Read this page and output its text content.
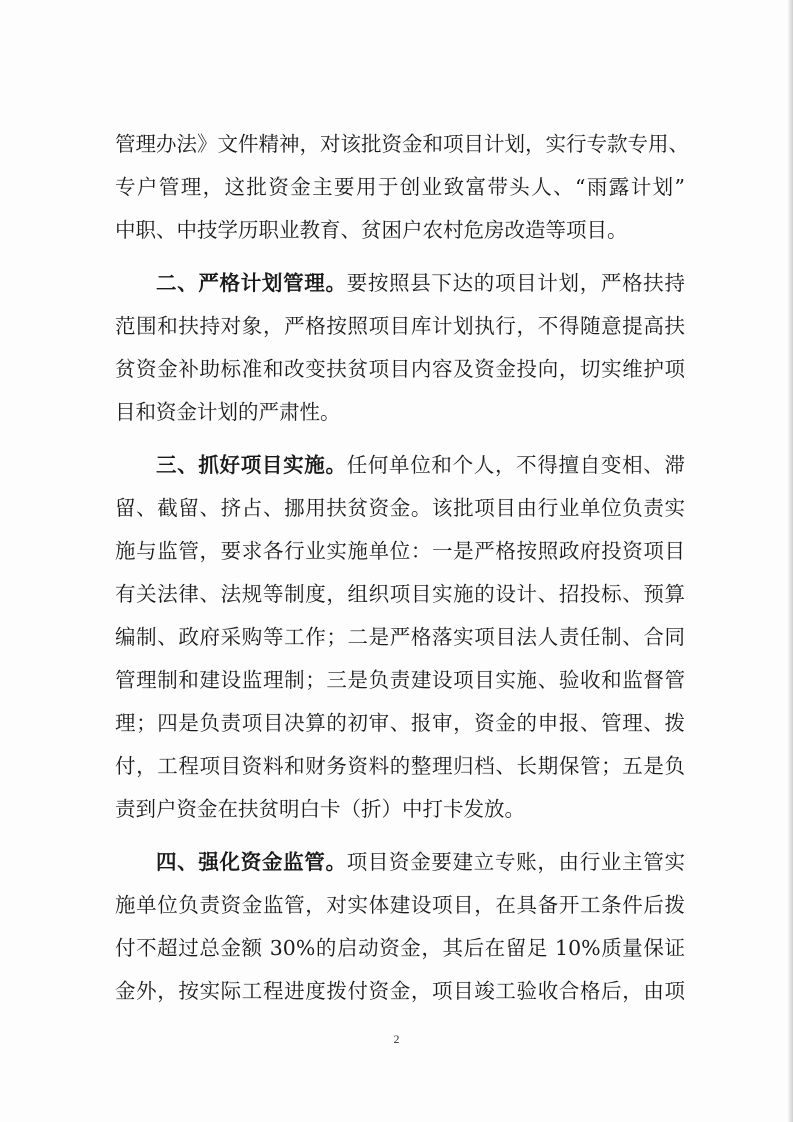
管理办法》文件精神，对该批资金和项目计划，实行专款专用、
专户管理，这批资金主要用于创业致富带头人、“雨露计划”
中职、中技学历职业教育、贫困户农村危房改造等项目。
二、严格计划管理。要按照县下达的项目计划，严格扶持
范围和扶持对象，严格按照项目库计划执行，不得随意提高扶
贫资金补助标准和改变扶贫项目内容及资金投向，切实维护项
目和资金计划的严肃性。
三、抓好项目实施。任何单位和个人，不得擅自变相、滞
留、截留、挤占、挪用扶贫资金。该批项目由行业单位负责实
施与监管，要求各行业实施单位：一是严格按照政府投资项目
有关法律、法规等制度，组织项目实施的设计、招投标、预算
编制、政府采购等工作；二是严格落实项目法人责任制、合同
管理制和建设监理制；三是负责建设项目实施、验收和监督管
理；四是负责项目决算的初审、报审，资金的申报、管理、拨
付，工程项目资料和财务资料的整理归档、长期保管；五是负
责到户资金在扶贫明白卡（折）中打卡发放。
四、强化资金监管。项目资金要建立专账，由行业主管实
施单位负责资金监管，对实体建设项目，在具备开工条件后拨
付不超过总金额 30%的启动资金，其后在留足 10%质量保证
金外，按实际工程进度拨付资金，项目竣工验收合格后，由项
2
